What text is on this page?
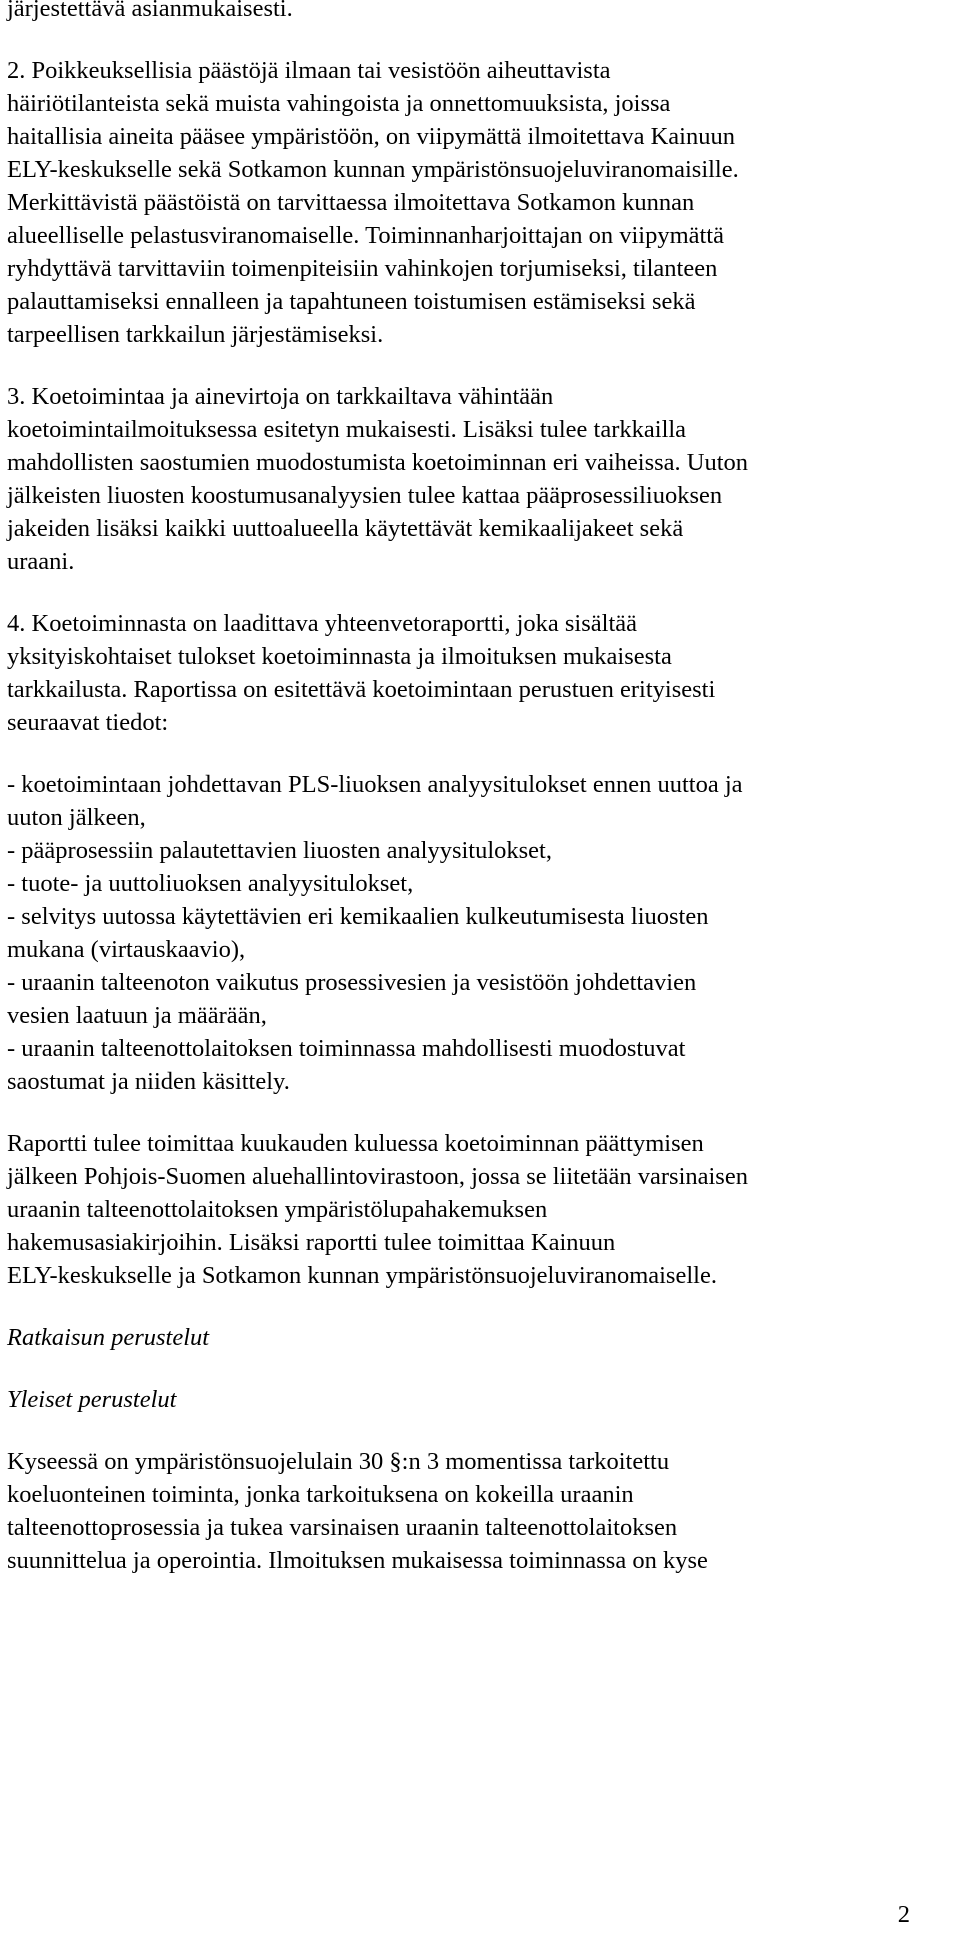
järjestettävä asianmukaisesti.
2. Poikkeuksellisia päästöjä ilmaan tai vesistöön aiheuttavista
häiriötilanteista sekä muista vahingoista ja onnettomuuksista, joissa
haitallisia aineita pääsee ympäristöön, on viipymättä ilmoitettava Kainuun
ELY-keskukselle sekä Sotkamon kunnan ympäristönsuojeluviranomaisille.
Merkittävistä päästöistä on tarvittaessa ilmoitettava Sotkamon kunnan
alueelliselle pelastusviranomaiselle. Toiminnanharjoittajan on viipymättä
ryhdyttävä tarvittaviin toimenpiteisiin vahinkojen torjumiseksi, tilanteen
palauttamiseksi ennalleen ja tapahtuneen toistumisen estämiseksi sekä
tarpeellisen tarkkailun järjestämiseksi.
3. Koetoimintaa ja ainevirtoja on tarkkailtava vähintään
koetoimintailmoituksessa esitetyn mukaisesti. Lisäksi tulee tarkkailla
mahdollisten saostumien muodostumista koetoiminnan eri vaiheissa. Uuton
jälkeisten liuosten koostumusanalyysien tulee kattaa pääprosessiliuoksen
jakeiden lisäksi kaikki uuttoalueella käytettävät kemikaalijakeet sekä
uraani.
4. Koetoiminnasta on laadittava yhteenvetoraportti, joka sisältää
yksityiskohtaiset tulokset koetoiminnasta ja ilmoituksen mukaisesta
tarkkailusta. Raportissa on esitettävä koetoimintaan perustuen erityisesti
seuraavat tiedot:
- koetoimintaan johdettavan PLS-liuoksen analyysitulokset ennen uuttoa ja
uuton jälkeen,
- pääprosessiin palautettavien liuosten analyysitulokset,
- tuote- ja uuttoliuoksen analyysitulokset,
- selvitys uutossa käytettävien eri kemikaalien kulkeutumisesta liuosten
mukana (virtauskaavio),
- uraanin talteenoton vaikutus prosessivesien ja vesistöön johdettavien
vesien laatuun ja määrään,
- uraanin talteenottolaitoksen toiminnassa mahdollisesti muodostuvat
saostumat ja niiden käsittely.
Raportti tulee toimittaa kuukauden kuluessa koetoiminnan päättymisen
jälkeen Pohjois-Suomen aluehallintovirastoon, jossa se liitetään varsinaisen
uraanin talteenottolaitoksen ympäristölupahakemuksen
hakemusasiakirjoihin. Lisäksi raportti tulee toimittaa Kainuun
ELY-keskukselle ja Sotkamon kunnan ympäristönsuojeluviranomaiselle.
Ratkaisun perustelut
Yleiset perustelut
Kyseessä on ympäristönsuojelulain 30 §:n 3 momentissa tarkoitettu
koeluonteinen toiminta, jonka tarkoituksena on kokeilla uraanin
talteenottoprosessia ja tukea varsinaisen uraanin talteenottolaitoksen
suunnittelua ja operointia. Ilmoituksen mukaisessa toiminnassa on kyse
2
